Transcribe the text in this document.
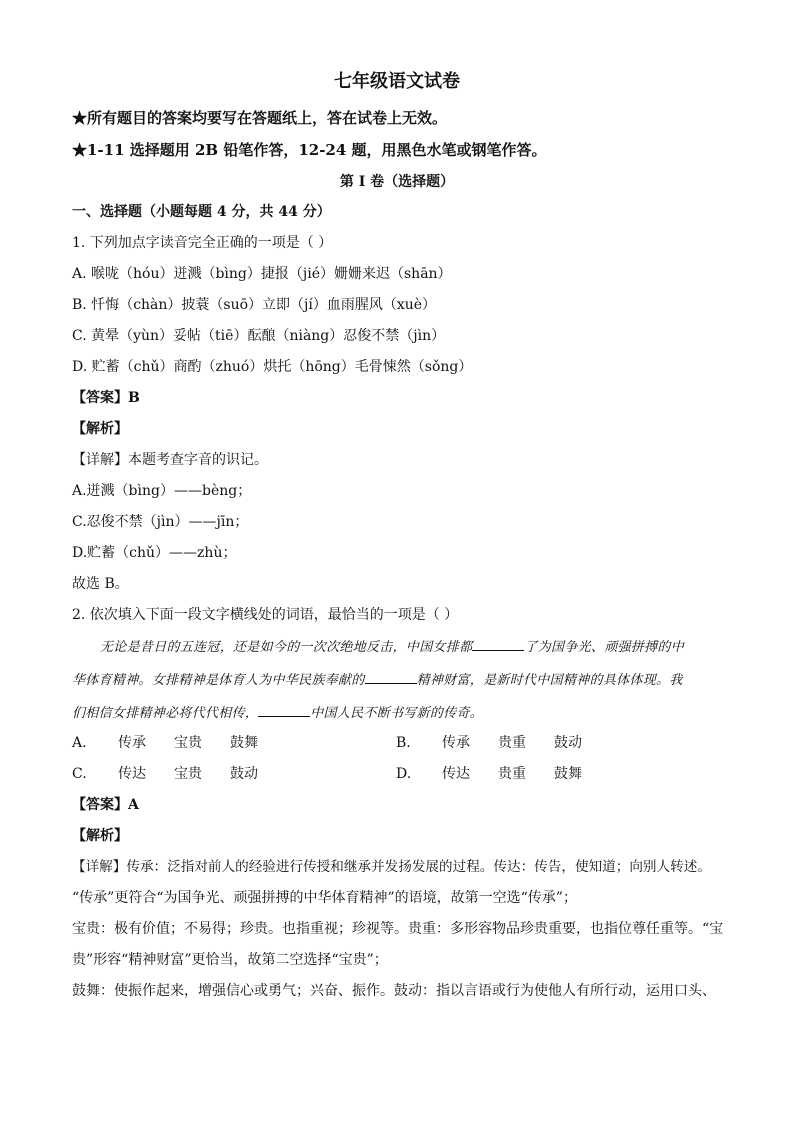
七年级语文试卷
★所有题目的答案均要写在答题纸上，答在试卷上无效。
★1-11 选择题用 2B 铅笔作答，12-24 题，用黑色水笔或钢笔作答。
第 I 卷（选择题）
一、选择题（小题每题 4 分，共 44 分）
1. 下列加点字读音完全正确的一项是（ ）
A. 喉咙（hóu）迸溅（bìng）捷报（jié）姗姗来迟（shān）
B. 忏悔（chàn）披蓑（suō）立即（jí）血雨腥风（xuè）
C. 黄晕（yùn）妥帖（tiē）酝酿（niàng）忍俊不禁（jìn）
D. 贮蓄（chǔ）商酌（zhuó）烘托（hōng）毛骨悚然（sǒng）
【答案】B
【解析】
【详解】本题考查字音的识记。
A.迸溅（bìng）——bèng；
C.忍俊不禁（jìn）——jīn；
D.贮蓄（chǔ）——zhù；
故选 B。
2. 依次填入下面一段文字横线处的词语，最恰当的一项是（ ）
无论是昔日的五连冠，还是如今的一次次绝地反击，中国女排都	了为国争光、顽强拼搏的中
华体育精神。女排精神是体育人为中华民族奉献的	精神财富，是新时代中国精神的具体体现。我
们相信女排精神必将代代相传，	中国人民不断书写新的传奇。
A. 传承 宝贵 鼓舞	B. 传承 贵重 鼓动
C. 传达 宝贵 鼓动	D. 传达 贵重 鼓舞
【答案】A
【解析】
【详解】传承：泛指对前人的经验进行传授和继承并发扬发展的过程。传达：传告，使知道；向别人转述。
“传承”更符合“为国争光、顽强拼搏的中华体育精神”的语境，故第一空选“传承”；
宝贵：极有价值；不易得；珍贵。也指重视；珍视等。贵重：多形容物品珍贵重要，也指位尊任重等。“宝
贵”形容“精神财富”更恰当，故第二空选择“宝贵”；
鼓舞：使振作起来，增强信心或勇气；兴奋、振作。鼓动：指以言语或行为使他人有所行动，运用口头、
